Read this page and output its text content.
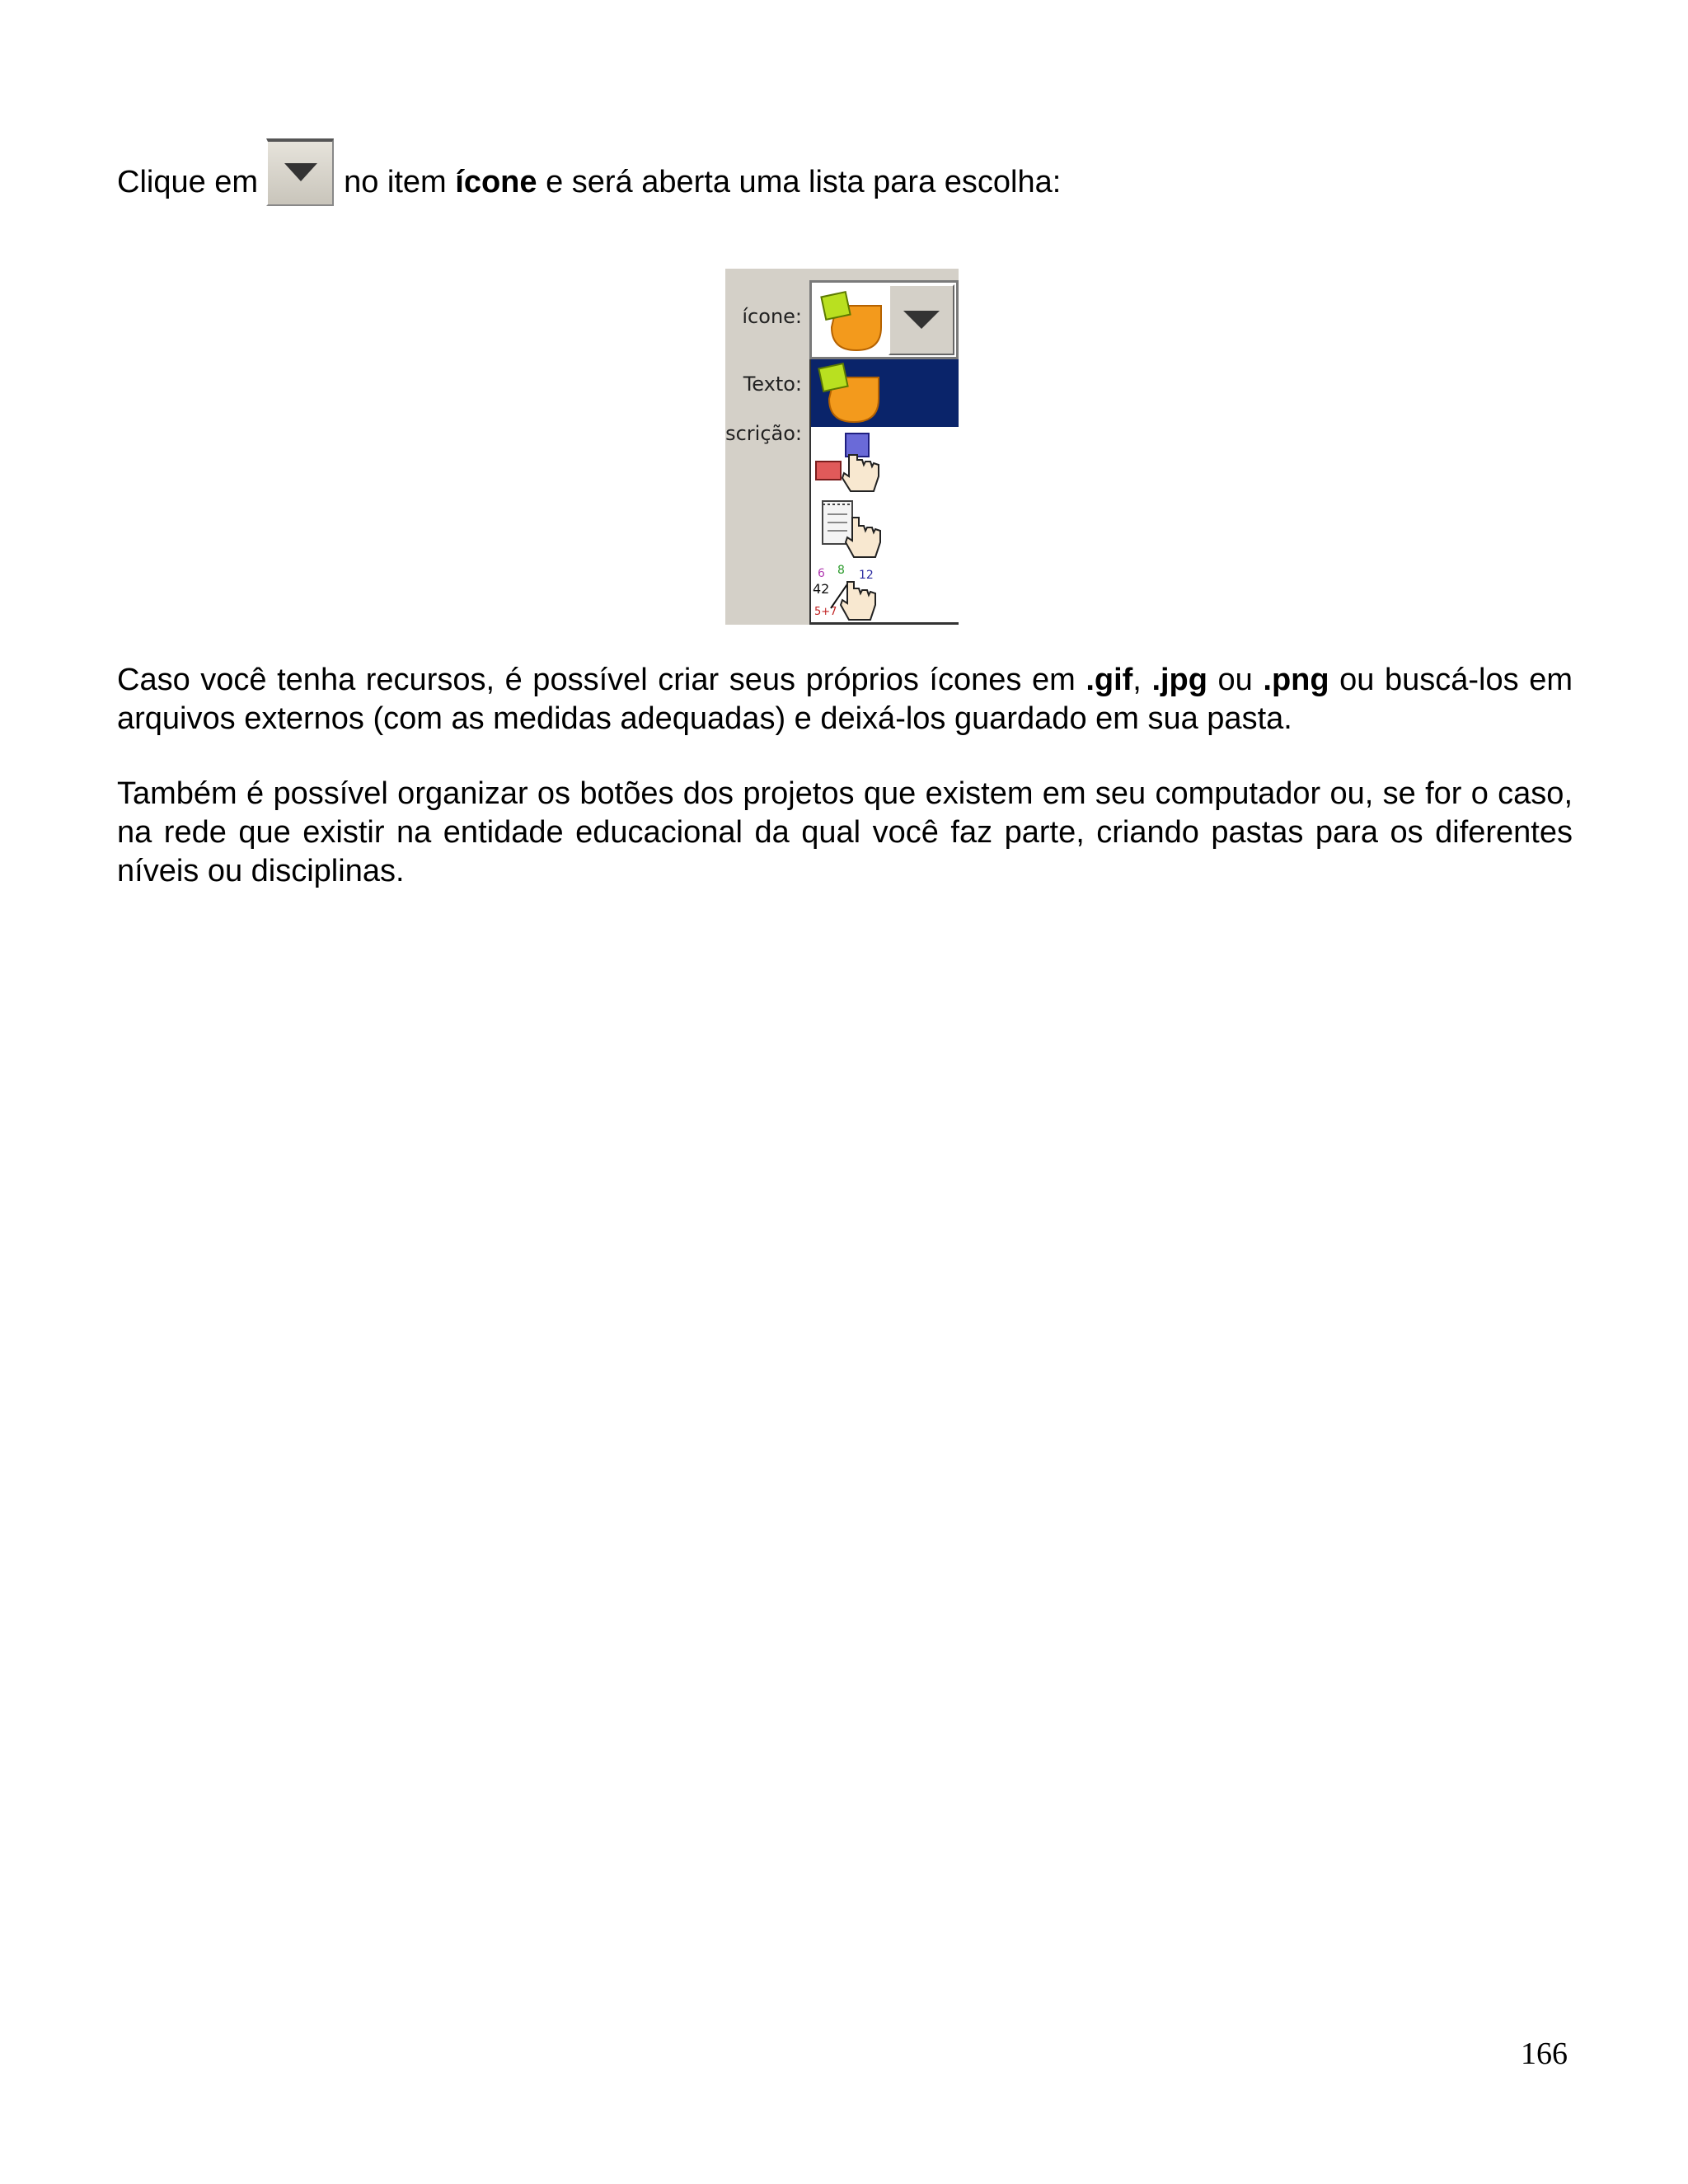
Clique em	no item
ícone
e será aberta uma lista para escolha:
ícone:
Texto:
scrição:
6 8 12
42
5+7
Caso você tenha recursos, é possível criar seus próprios ícones em .gif, .jpg ou .png ou buscá-los em arquivos externos (com as medidas adequadas) e deixá-los guardado em sua pasta.
Também é possível organizar os botões dos projetos que existem em seu computador ou, se for o caso, na rede que existir na entidade educacional da qual você faz parte, criando pastas para os diferentes níveis ou disciplinas.
166
